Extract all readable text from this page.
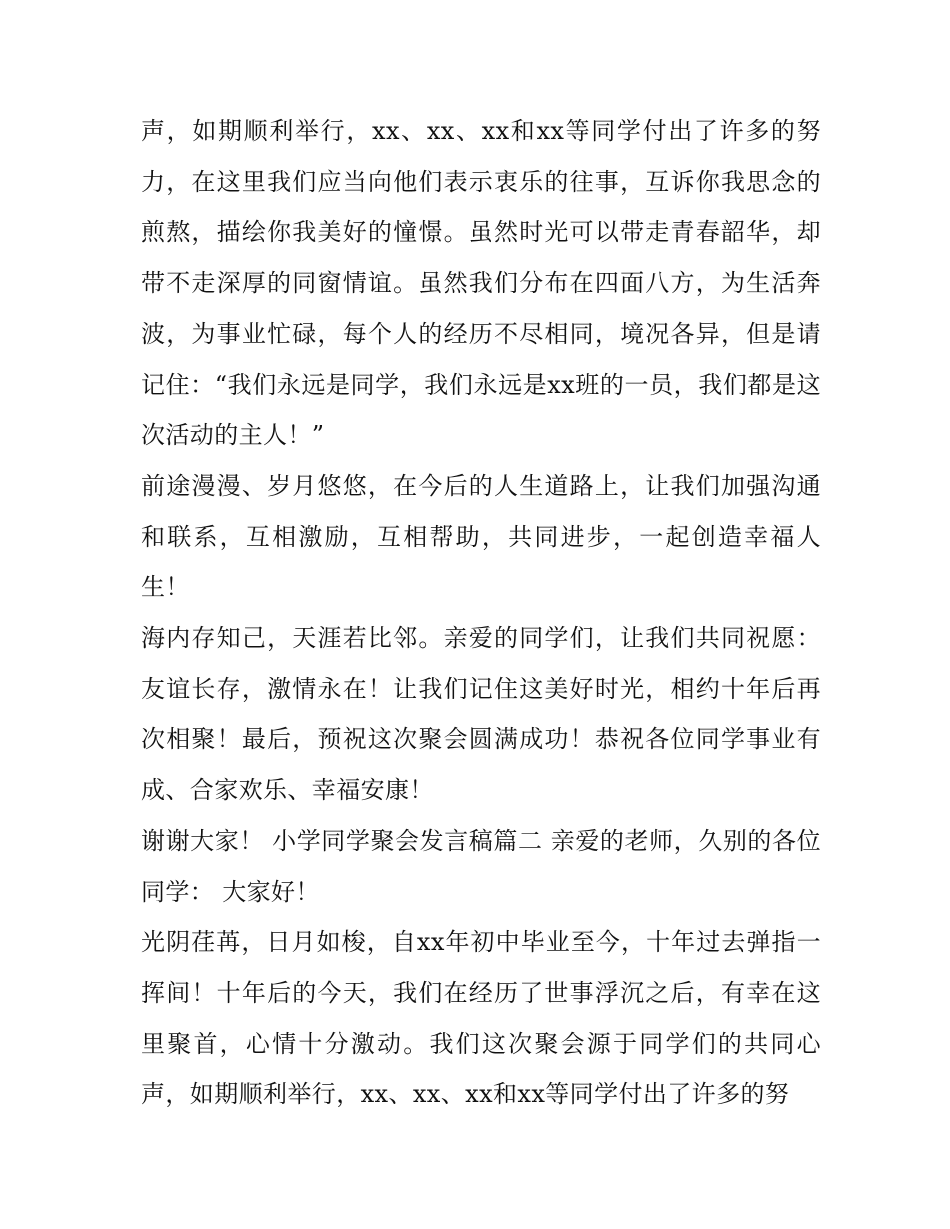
声，如期顺利举行，xx、xx、xx和xx等同学付出了许多的努力，在这里我们应当向他们表示衷乐的往事，互诉你我思念的煎熬，描绘你我美好的憧憬。虽然时光可以带走青春韶华，却带不走深厚的同窗情谊。虽然我们分布在四面八方，为生活奔波，为事业忙碌，每个人的经历不尽相同，境况各异，但是请记住：“我们永远是同学，我们永远是xx班的一员，我们都是这次活动的主人！”

前途漫漫、岁月悠悠，在今后的人生道路上，让我们加强沟通和联系，互相激励，互相帮助，共同进步，一起创造幸福人生！

海内存知己，天涯若比邻。亲爱的同学们，让我们共同祝愿：友谊长存，激情永在！让我们记住这美好时光，相约十年后再次相聚！最后，预祝这次聚会圆满成功！恭祝各位同学事业有成、合家欢乐、幸福安康！

谢谢大家！ 小学同学聚会发言稿篇二 亲爱的老师，久别的各位同学： 大家好！

光阴荏苒，日月如梭，自xx年初中毕业至今，十年过去弹指一挥间！十年后的今天，我们在经历了世事浮沉之后，有幸在这里聚首，心情十分激动。我们这次聚会源于同学们的共同心声，如期顺利举行，xx、xx、xx和xx等同学付出了许多的努
